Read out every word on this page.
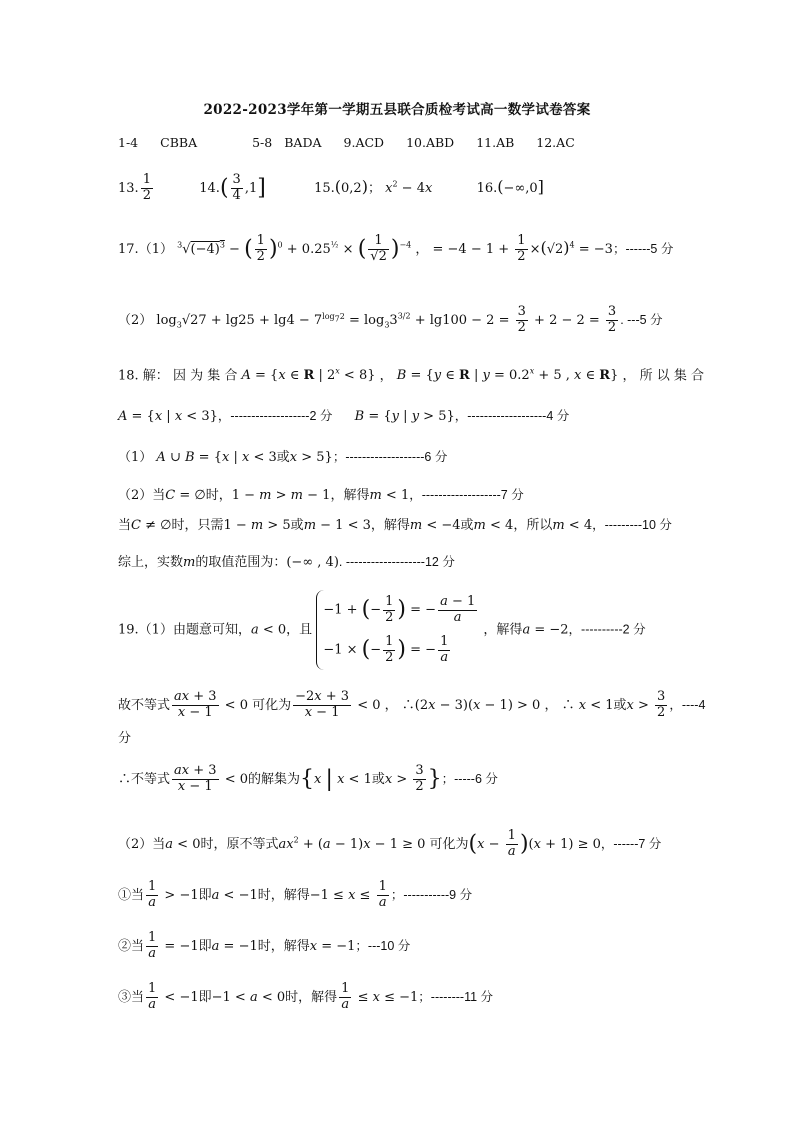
2022-2023学年第一学期五县联合质检考试高一数学试卷答案
1-4 CBBA	5-8 BADA 9.ACD 10.ABD 11.AB 12.AC
13. $\frac{1}{2}$	$14.( \frac{3}{4} ,1]$	15.(0,2)； $x^2 - 4x$	16.(−∞,0]
17.（1） $^3√(-4)^3$ − ( $\frac{1}{2} )^0 + 0.25^{\frac{1}{2}}$ × ( $\frac{1}{√2} )^{-4}$ ， = $-4 - 1 + \frac{1}{2} \times(√2)^4 = -3$；------5 分
（2） $\log_3√27 + \lg 25 + \lg 4 - 7^{log_72} = \log_33^{3/2} + \lg 100 - 2 = \frac{3}{2} + 2 - 2 = \frac{3}{2}$ . ---5 分
18. 解： 因 为 集 合 A = {x ∈ R | $2^x < 8$} ， B = {y ∈ R | $y = 0.2^x + 5$ , x ∈ R} ， 所 以 集 合
A = {x | x < 3}，-------------------2 分 B = {y | y > 5}，-------------------4 分
（1） A ∪ B = {x | x < 3或x > 5}；-------------------6 分
（2）当C = ∅时，1 − m > m − 1，解得m < 1，-------------------7 分
当C ≠ ∅时，只需1 − m > 5或m − 1 < 3，解得m < −4或m < 4，所以m < 4，---------10 分
综上，实数m的取值范围为：(−∞ , 4). -------------------12 分
19.（1）由题意可知，a < 0，且
−1 + (− $\frac{1}{2}$ ) = − $\frac{a - 1}{a}$
−1 × (− $\frac{1}{2}$ ) = − $\frac{1}{a}$
，解得a = −2，----------2 分
故不等式 $\frac{ax + 3}{x - 1} < 0$ 可化为 $\frac{-2x + 3}{x - 1} < 0$ ， ∴(2x − 3)(x − 1) > 0 ， ∴ x < 1或$x > \frac{3}{2}$ ，----4
分
∴不等式 $\frac{ax + 3}{x - 1} < 0$的解集为{x | x < 1或$x > \frac{3}{2}$ }；-----6 分
（2）当a < 0时，原不等式$ax^2 + (a - 1)x - 1 \ge 0$ 可化为$(x - \frac{1}{a} )(x + 1) \ge 0$，------7 分
①当 $\frac{1}{a} > -1$即a < −1时，解得$-1 \le x \le \frac{1}{a}$ ；-----------9 分
②当 $\frac{1}{a} = -1$即a = −1时，解得x = −1；---10 分
③当 $\frac{1}{a} < -1$即−1 < a < 0时，解得 $\frac{1}{a} \le x \le -1$；--------11 分
